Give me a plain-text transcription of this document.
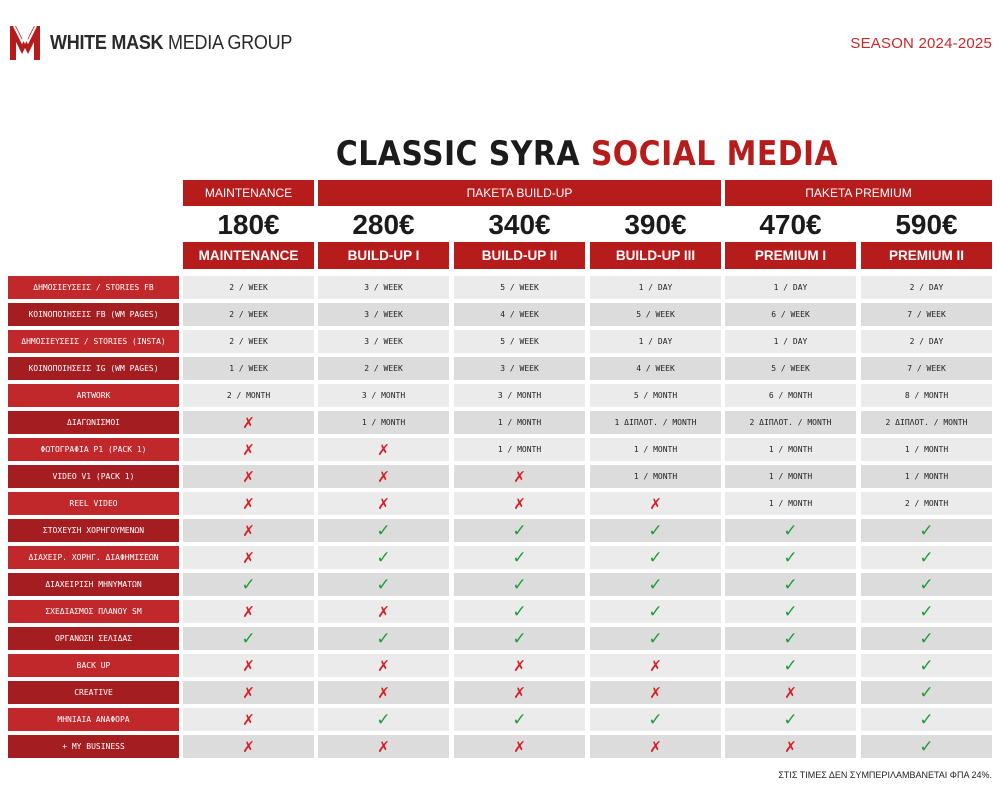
WHITE MASK MEDIA GROUP	SEASON 2024-2025
CLASSIC SYRA SOCIAL MEDIA
MAINTENANCE	ΠΑΚΕΤΑ BUILD-UP	ΠΑΚΕΤΑ PREMIUM
180€	280€	340€	390€	470€	590€
MAINTENANCE	BUILD-UP I	BUILD-UP II	BUILD-UP III	PREMIUM I	PREMIUM II
ΔΗΜΟΣΙΕΥΣΕΙΣ / STORIES FB	2 / WEEK	3 / WEEK	5 / WEEK	1 / DAY	1 / DAY	2 / DAY
ΚΟΙΝΟΠΟΙΗΣΕΙΣ FB (WM PAGES)	2 / WEEK	3 / WEEK	4 / WEEK	5 / WEEK	6 / WEEK	7 / WEEK
ΔΗΜΟΣΙΕΥΣΕΙΣ / STORIES (INSTA)	2 / WEEK	3 / WEEK	5 / WEEK	1 / DAY	1 / DAY	2 / DAY
ΚΟΙΝΟΠΟΙΗΣΕΙΣ IG (WM PAGES)	1 / WEEK	2 / WEEK	3 / WEEK	4 / WEEK	5 / WEEK	7 / WEEK
ARTWORK	2 / MONTH	3 / MONTH	3 / MONTH	5 / MONTH	6 / MONTH	8 / MONTH
ΔΙΑΓΩΝΙΣΜΟΙ	✗	1 / MONTH	1 / MONTH	1 ΔΙΠΛΟΤ. / MONTH	2 ΔΙΠΛΟΤ. / MONTH	2 ΔΙΠΛΟΤ. / MONTH
ΦΩΤΟΓΡΑΦΙΑ P1 (PACK 1)	✗	✗	1 / MONTH	1 / MONTH	1 / MONTH	1 / MONTH
VIDEO V1 (PACK 1)	✗	✗	✗	1 / MONTH	1 / MONTH	1 / MONTH
REEL VIDEO	✗	✗	✗	✗	1 / MONTH	2 / MONTH
ΣΤΟΧΕΥΣΗ ΧΟΡΗΓΟΥΜΕΝΩΝ	✗	✓	✓	✓	✓	✓
ΔΙΑΧΕΙΡ. ΧΟΡΗΓ. ΔΙΑΦΗΜΙΣΕΩΝ	✗	✓	✓	✓	✓	✓
ΔΙΑΧΕΙΡΙΣΗ ΜΗΝΥΜΑΤΩΝ	✓	✓	✓	✓	✓	✓
ΣΧΕΔΙΑΣΜΟΣ ΠΛΑΝΟΥ SM	✗	✗	✓	✓	✓	✓
ΟΡΓΑΝΩΣΗ ΣΕΛΙΔΑΣ	✓	✓	✓	✓	✓	✓
BACK UP	✗	✗	✗	✗	✓	✓
CREATIVE	✗	✗	✗	✗	✗	✓
ΜΗΝΙΑΙΑ ΑΝΑΦΟΡΑ	✗	✓	✓	✓	✓	✓
+ MY BUSINESS	✗	✗	✗	✗	✗	✓
ΣΤΙΣ ΤΙΜΕΣ ΔΕΝ ΣΥΜΠΕΡΙΛΑΜΒΑΝΕΤΑΙ ΦΠΑ 24%.
